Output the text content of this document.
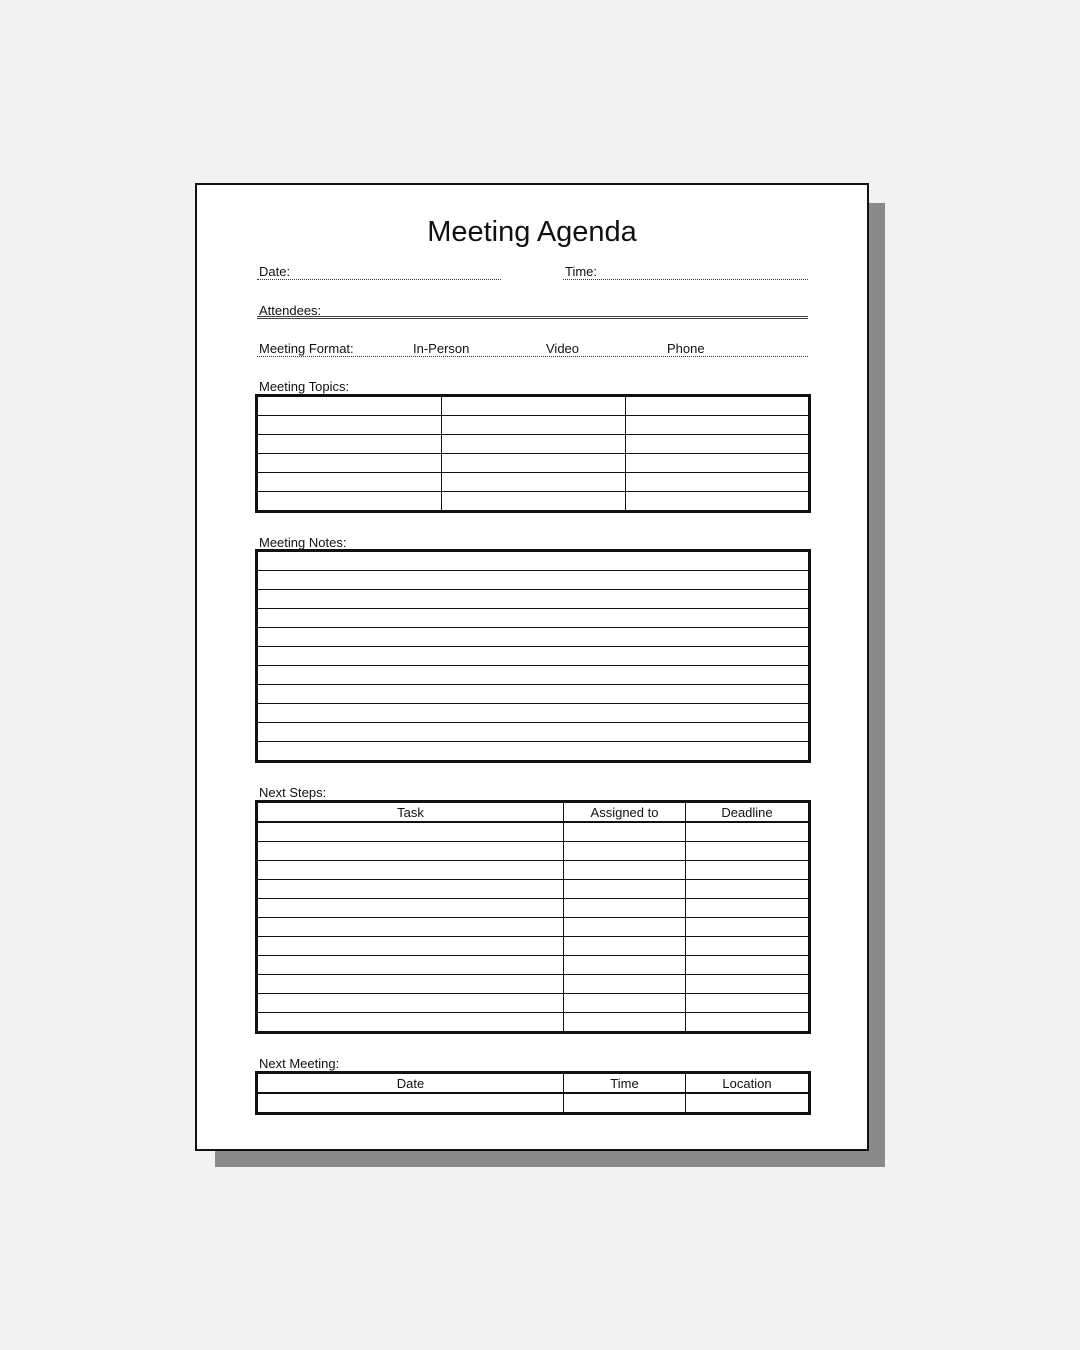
Meeting Agenda
Date:	Time:
Attendees:
Meeting Format:	In-Person	Video	Phone
Meeting Topics:

Meeting Notes:

Next Steps:
Task	Assigned to	Deadline

Next Meeting:
Date	Time	Location
